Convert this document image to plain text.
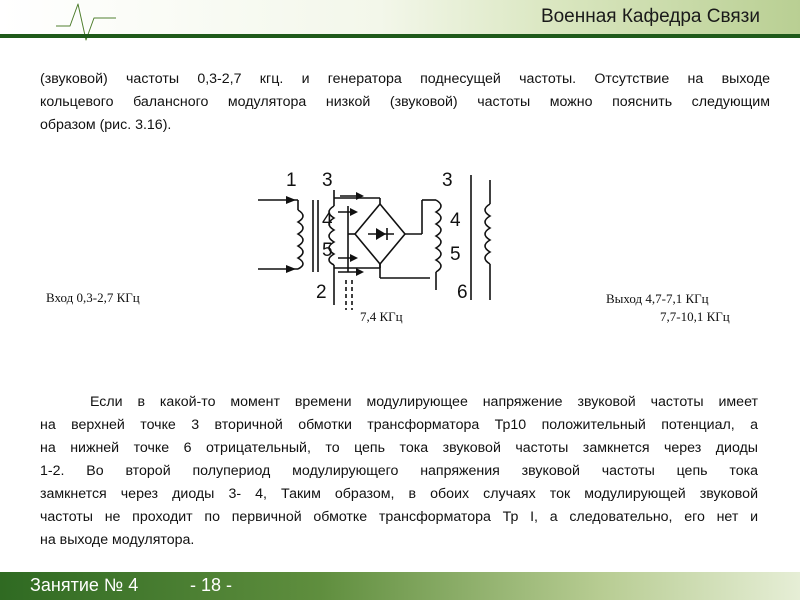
Военная Кафедра Связи
(звуковой) частоты 0,3-2,7 кгц. и генератора поднесущей частоты. Отсутствие на выходе
кольцевого балансного модулятора низкой (звуковой) частоты можно пояснить следующим
образом (рис. 3.16).
1 3
4
5
2
3
4
5
6
Вход 0,3-2,7 КГц
7,4 КГц
Выход 4,7-7,1 КГц
7,7-10,1 КГц
Если в какой-то момент времени модулирующее напряжение звуковой частоты имеет
на верхней точке 3 вторичной обмотки трансформатора Тр10 положительный потенциал, а
на нижней точке 6 отрицательный, то цепь тока звуковой частоты замкнется через диоды
1-2. Во второй полупериод модулирующего напряжения звуковой частоты цепь тока
замкнется через диоды 3- 4, Таким образом, в обоих случаях ток модулирующей звуковой
частоты не проходит по первичной обмотке трансформатора Тр I, а следовательно, его нет и
на выходе модулятора.
Занятие № 4	- 18 -
